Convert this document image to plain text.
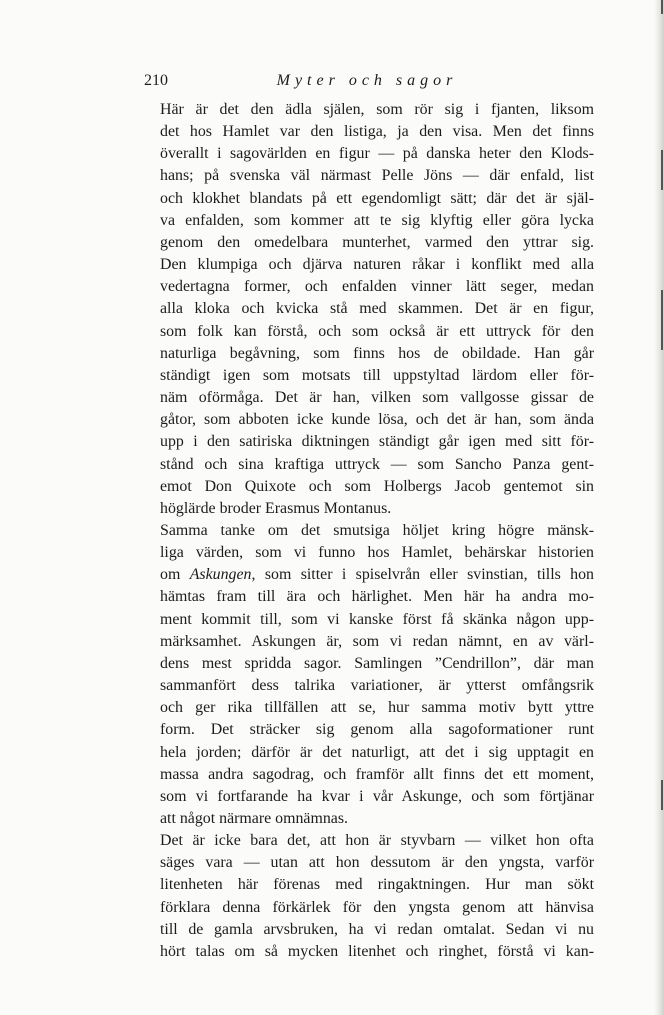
210	Myter och sagor

Här är det den ädla själen, som rör sig i fjanten, liksom
det hos Hamlet var den listiga, ja den visa. Men det finns
överallt i sagovärlden en figur — på danska heter den Klods-
hans; på svenska väl närmast Pelle Jöns — där enfald, list
och klokhet blandats på ett egendomligt sätt; där det är själ-
va enfalden, som kommer att te sig klyftig eller göra lycka
genom den omedelbara munterhet, varmed den yttrar sig.
Den klumpiga och djärva naturen råkar i konflikt med alla
vedertagna former, och enfalden vinner lätt seger, medan
alla kloka och kvicka stå med skammen. Det är en figur,
som folk kan förstå, och som också är ett uttryck för den
naturliga begåvning, som finns hos de obildade. Han går
ständigt igen som motsats till uppstyltad lärdom eller för-
näm oförmåga. Det är han, vilken som vallgosse gissar de
gåtor, som abboten icke kunde lösa, och det är han, som ända
upp i den satiriska diktningen ständigt går igen med sitt för-
stånd och sina kraftiga uttryck — som Sancho Panza gent-
emot Don Quixote och som Holbergs Jacob gentemot sin
höglärde broder Erasmus Montanus.

Samma tanke om det smutsiga höljet kring högre mänsk-
liga värden, som vi funno hos Hamlet, behärskar historien
om Askungen, som sitter i spiselvrån eller svinstian, tills hon
hämtas fram till ära och härlighet. Men här ha andra mo-
ment kommit till, som vi kanske först få skänka någon upp-
märksamhet. Askungen är, som vi redan nämnt, en av värl-
dens mest spridda sagor. Samlingen ”Cendrillon”, där man
sammanfört dess talrika variationer, är ytterst omfångsrik
och ger rika tillfällen att se, hur samma motiv bytt yttre
form. Det sträcker sig genom alla sagoformationer runt
hela jorden; därför är det naturligt, att det i sig upptagit en
massa andra sagodrag, och framför allt finns det ett moment,
som vi fortfarande ha kvar i vår Askunge, och som förtjänar
att något närmare omnämnas.

Det är icke bara det, att hon är styvbarn — vilket hon ofta
säges vara — utan att hon dessutom är den yngsta, varför
litenheten här förenas med ringaktningen. Hur man sökt
förklara denna förkärlek för den yngsta genom att hänvisa
till de gamla arvsbruken, ha vi redan omtalat. Sedan vi nu
hört talas om så mycken litenhet och ringhet, förstå vi kan-
